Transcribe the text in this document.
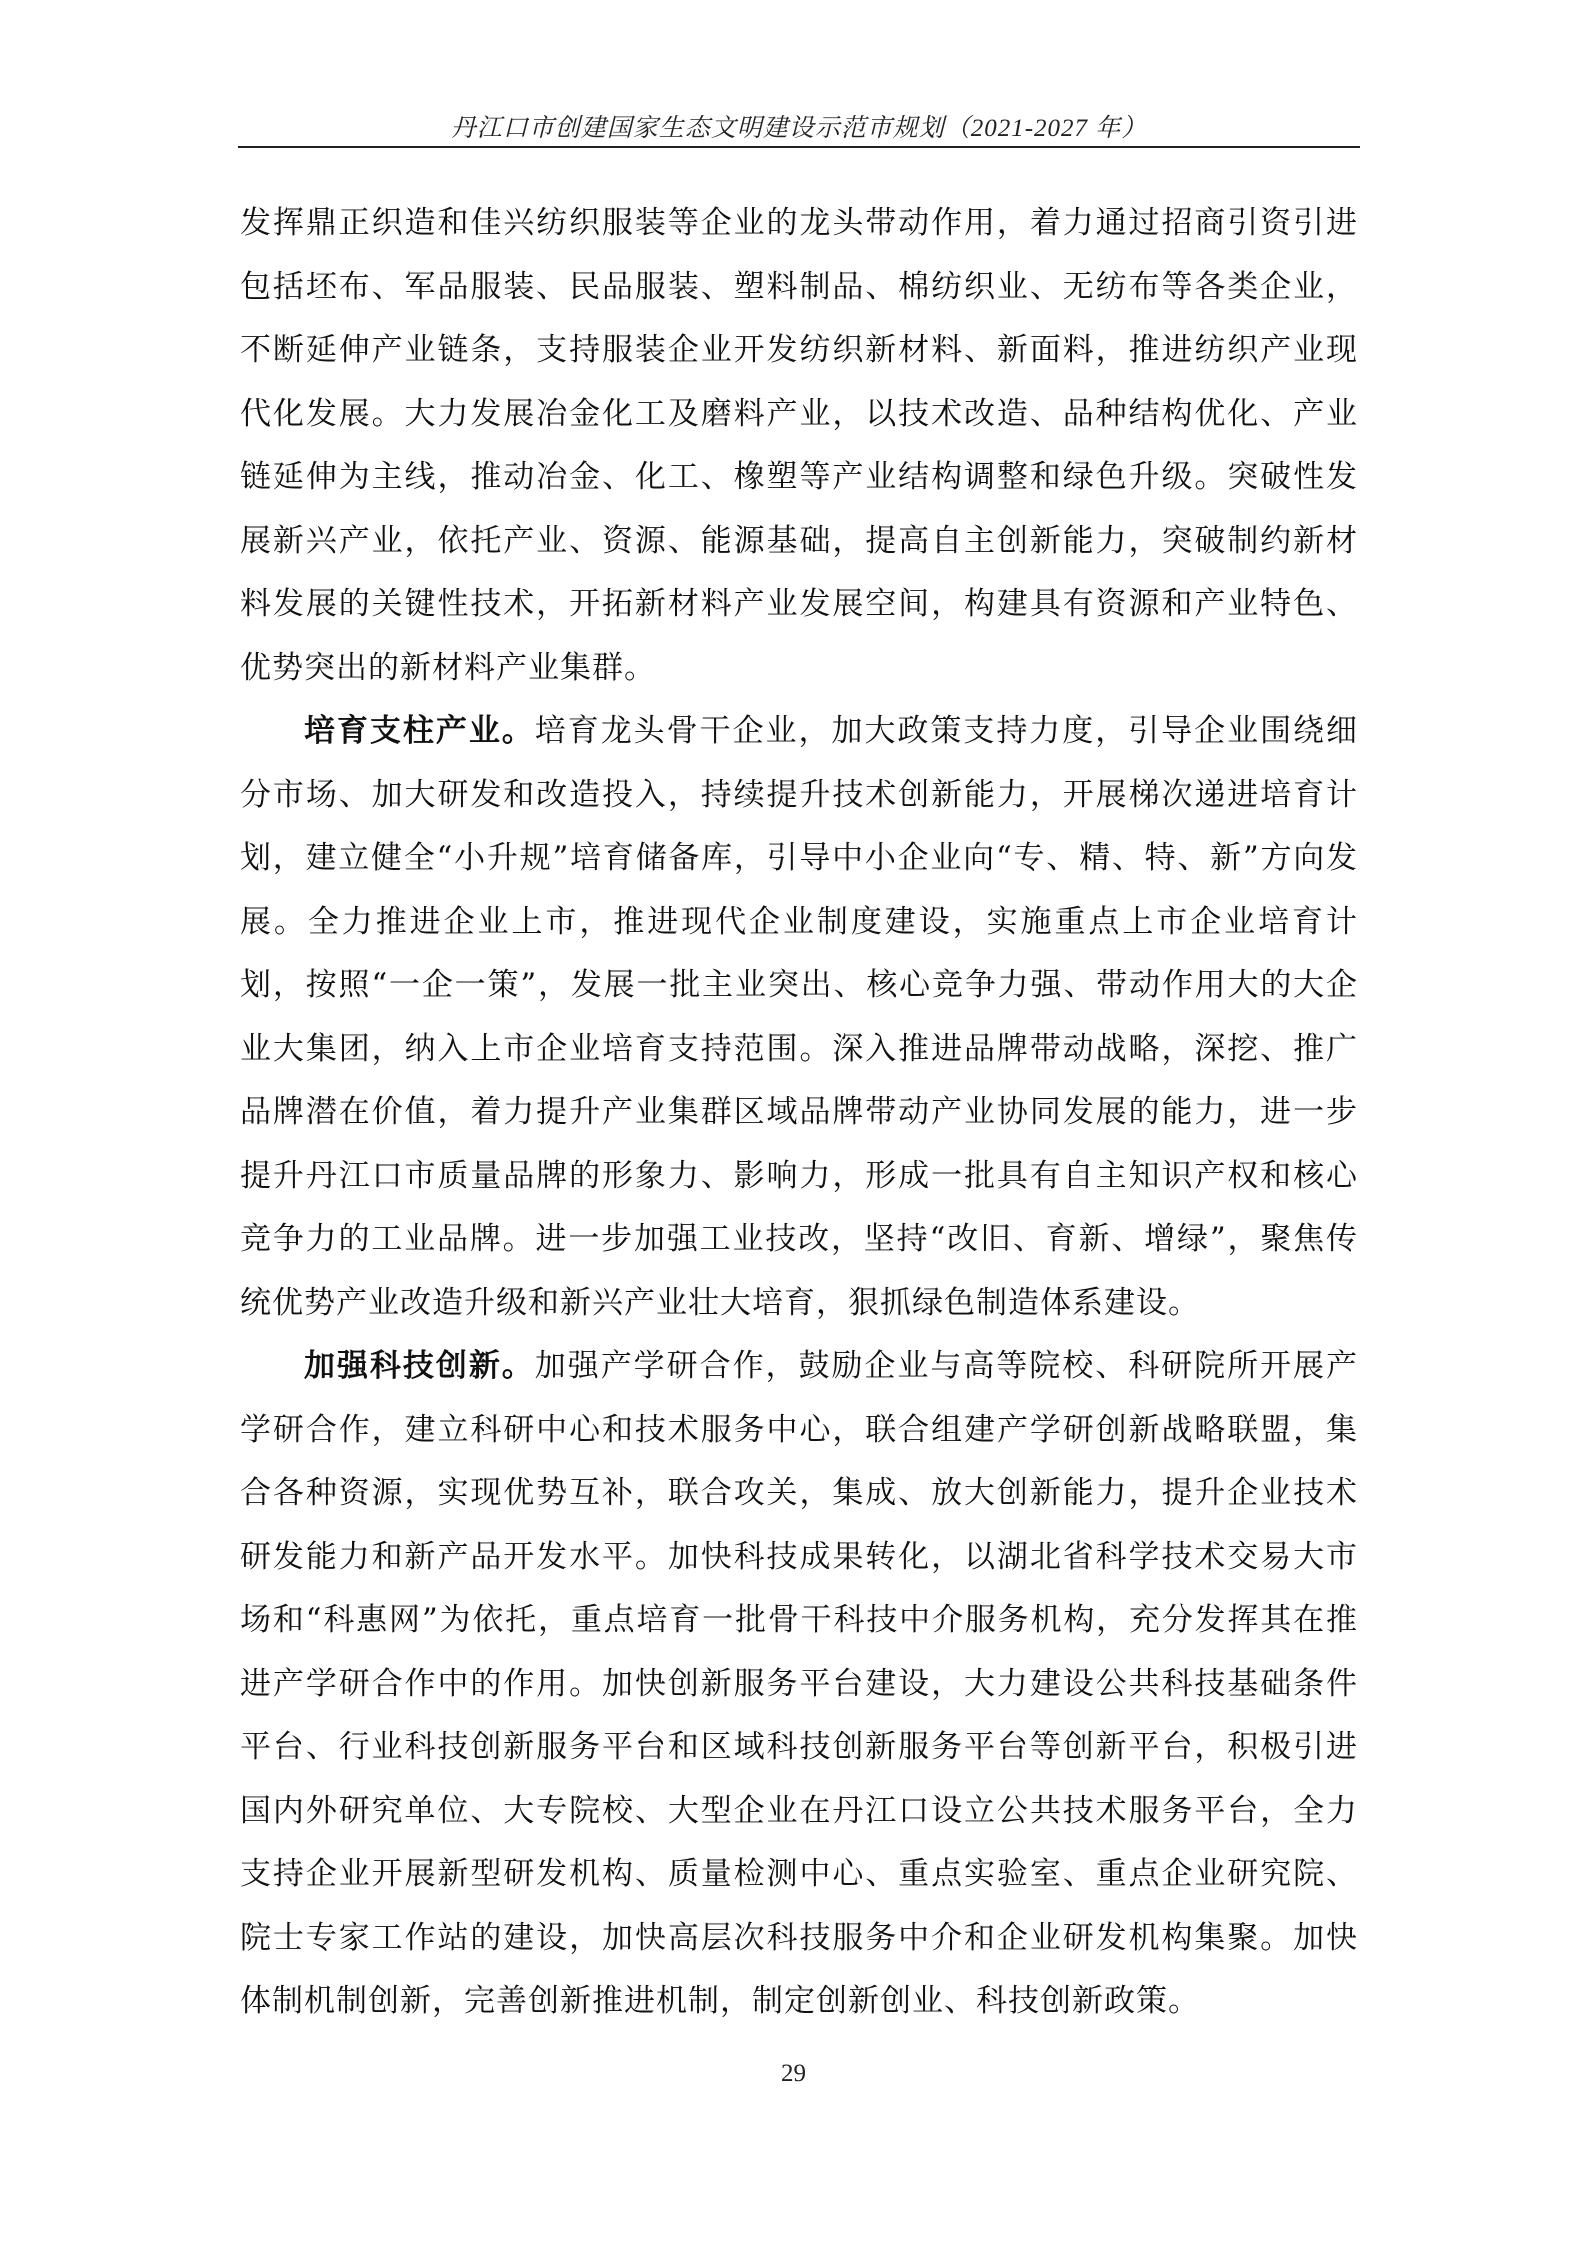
丹江口市创建国家生态文明建设示范市规划（2021-2027 年）

发挥鼎正织造和佳兴纺织服装等企业的龙头带动作用，着力通过招商引资引进包括坯布、军品服装、民品服装、塑料制品、棉纺织业、无纺布等各类企业，不断延伸产业链条，支持服装企业开发纺织新材料、新面料，推进纺织产业现代化发展。大力发展冶金化工及磨料产业，以技术改造、品种结构优化、产业链延伸为主线，推动冶金、化工、橡塑等产业结构调整和绿色升级。突破性发展新兴产业，依托产业、资源、能源基础，提高自主创新能力，突破制约新材料发展的关键性技术，开拓新材料产业发展空间，构建具有资源和产业特色、优势突出的新材料产业集群。

培育支柱产业。培育龙头骨干企业，加大政策支持力度，引导企业围绕细分市场、加大研发和改造投入，持续提升技术创新能力，开展梯次递进培育计划，建立健全“小升规”培育储备库，引导中小企业向“专、精、特、新”方向发展。全力推进企业上市，推进现代企业制度建设，实施重点上市企业培育计划，按照“一企一策”，发展一批主业突出、核心竞争力强、带动作用大的大企业大集团，纳入上市企业培育支持范围。深入推进品牌带动战略，深挖、推广品牌潜在价值，着力提升产业集群区域品牌带动产业协同发展的能力，进一步提升丹江口市质量品牌的形象力、影响力，形成一批具有自主知识产权和核心竞争力的工业品牌。进一步加强工业技改，坚持“改旧、育新、增绿”，聚焦传统优势产业改造升级和新兴产业壮大培育，狠抓绿色制造体系建设。

加强科技创新。加强产学研合作，鼓励企业与高等院校、科研院所开展产学研合作，建立科研中心和技术服务中心，联合组建产学研创新战略联盟，集合各种资源，实现优势互补，联合攻关，集成、放大创新能力，提升企业技术研发能力和新产品开发水平。加快科技成果转化，以湖北省科学技术交易大市场和“科惠网”为依托，重点培育一批骨干科技中介服务机构，充分发挥其在推进产学研合作中的作用。加快创新服务平台建设，大力建设公共科技基础条件平台、行业科技创新服务平台和区域科技创新服务平台等创新平台，积极引进国内外研究单位、大专院校、大型企业在丹江口设立公共技术服务平台，全力支持企业开展新型研发机构、质量检测中心、重点实验室、重点企业研究院、院士专家工作站的建设，加快高层次科技服务中介和企业研发机构集聚。加快体制机制创新，完善创新推进机制，制定创新创业、科技创新政策。

29
